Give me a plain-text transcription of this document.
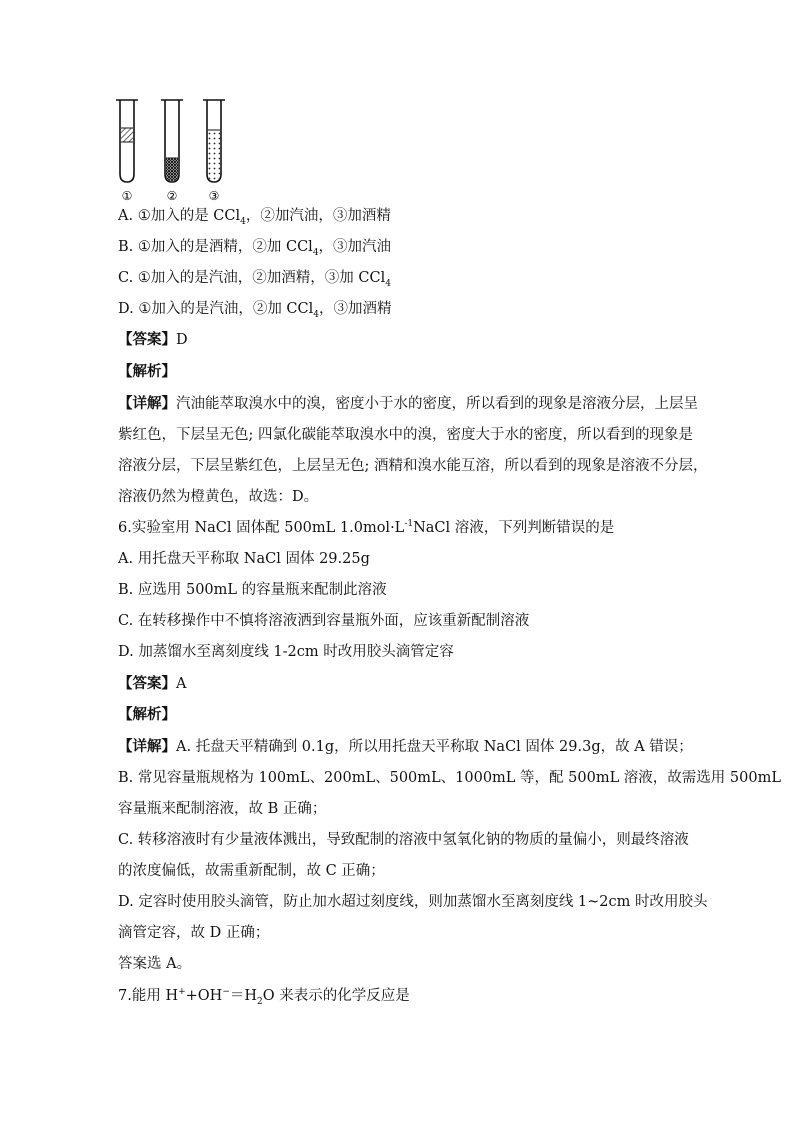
①	②	③
A. ①加入的是 CCl$_4$，②加汽油，③加酒精
B. ①加入的是酒精，②加 CCl$_4$，③加汽油
C. ①加入的是汽油，②加酒精，③加 CCl$_4$
D. ①加入的是汽油，②加 CCl$_4$，③加酒精
【答案】D
【解析】
【详解】汽油能萃取溴水中的溴，密度小于水的密度，所以看到的现象是溶液分层，上层呈
紫红色，下层呈无色; 四氯化碳能萃取溴水中的溴，密度大于水的密度，所以看到的现象是
溶液分层，下层呈紫红色，上层呈无色; 酒精和溴水能互溶，所以看到的现象是溶液不分层，
溶液仍然为橙黄色，故选：D。
6.实验室用 NaCl 固体配 500mL $1.0mol\cdot L^{-1}NaCl$ 溶液，下列判断错误的是
A. 用托盘天平称取 NaCl 固体 29.25g
B. 应选用 500mL 的容量瓶来配制此溶液
C. 在转移操作中不慎将溶液洒到容量瓶外面，应该重新配制溶液
D. 加蒸馏水至离刻度线 1-2cm 时改用胶头滴管定容
【答案】A
【解析】
【详解】A. 托盘天平精确到 0.1g，所以用托盘天平称取 NaCl 固体 29.3g，故 A 错误；
B. 常见容量瓶规格为 100mL、200mL、500mL、1000mL 等，配 500mL 溶液，故需选用 500mL
容量瓶来配制溶液，故 B 正确；
C. 转移溶液时有少量液体溅出，导致配制的溶液中氢氧化钠的物质的量偏小，则最终溶液
的浓度偏低，故需重新配制，故 C 正确；
D. 定容时使用胶头滴管，防止加水超过刻度线，则加蒸馏水至离刻度线 1~2cm 时改用胶头
滴管定容，故 D 正确；
答案选 A。
7.能用 $H^++OH^-=H_2O$ 来表示的化学反应是
